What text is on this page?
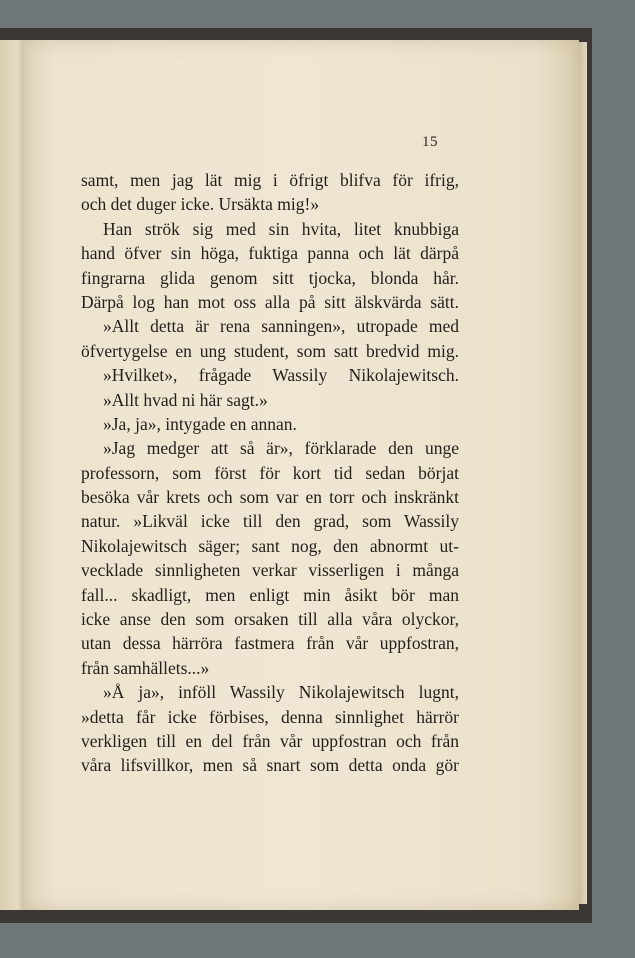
15
samt, men jag lät mig i öfrigt blifva för ifrig,
och det duger icke. Ursäkta mig!»
Han strök sig med sin hvita, litet knubbiga
hand öfver sin höga, fuktiga panna och lät därpå
fingrarna glida genom sitt tjocka, blonda hår.
Därpå log han mot oss alla på sitt älskvärda sätt.
»Allt detta är rena sanningen», utropade med
öfvertygelse en ung student, som satt bredvid mig.
»Hvilket», frågade Wassily Nikolajewitsch.
»Allt hvad ni här sagt.»
»Ja, ja», intygade en annan.
»Jag medger att så är», förklarade den unge
professorn, som först för kort tid sedan börjat
besöka vår krets och som var en torr och inskränkt
natur. »Likväl icke till den grad, som Wassily
Nikolajewitsch säger; sant nog, den abnormt ut-
vecklade sinnligheten verkar visserligen i många
fall... skadligt, men enligt min åsikt bör man
icke anse den som orsaken till alla våra olyckor,
utan dessa härröra fastmera från vår uppfostran,
från samhällets...»
»Å ja», inföll Wassily Nikolajewitsch lugnt,
»detta får icke förbises, denna sinnlighet härrör
verkligen till en del från vår uppfostran och från
våra lifsvillkor, men så snart som detta onda gör
